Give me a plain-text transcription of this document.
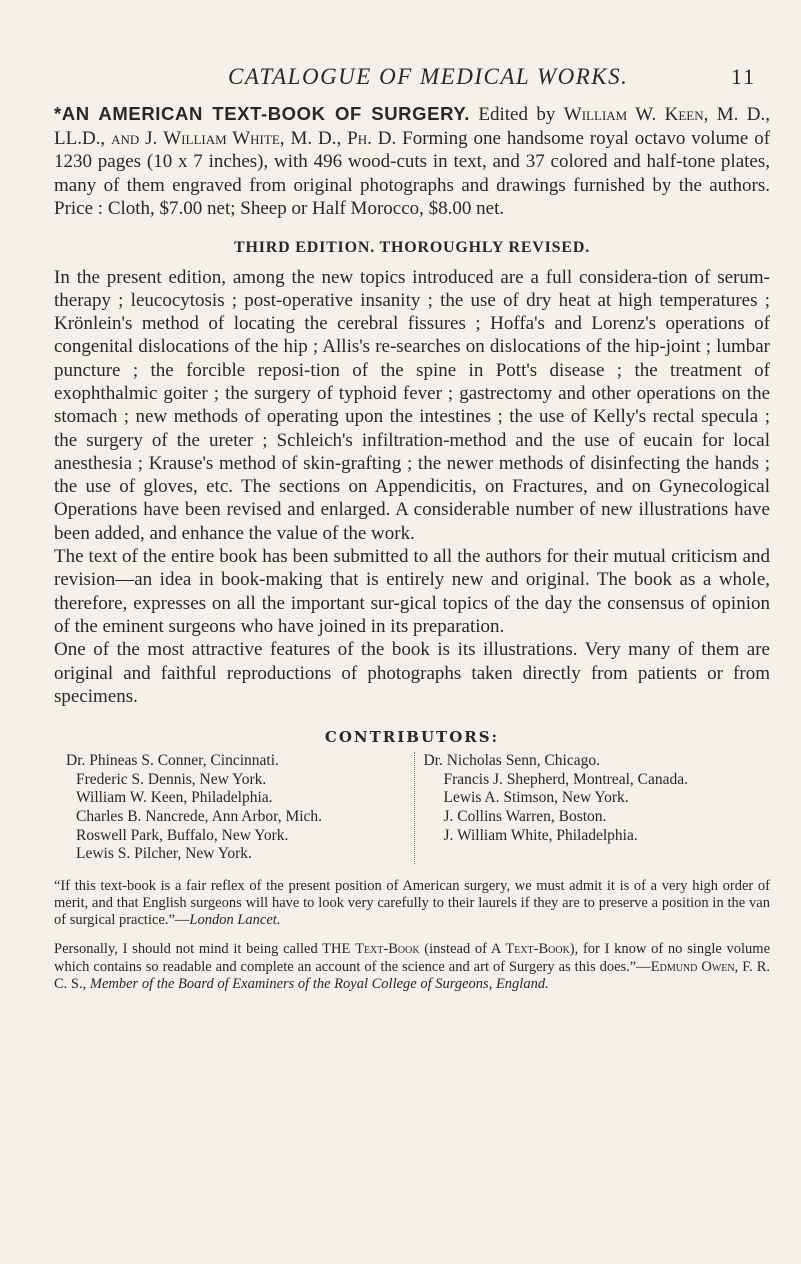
CATALOGUE OF MEDICAL WORKS.	11

*AN AMERICAN TEXT-BOOK OF SURGERY. Edited by William W. Keen, M. D., LL.D., and J. William White, M. D., Ph. D. Forming one handsome royal octavo volume of 1230 pages (10 x 7 inches), with 496 wood-cuts in text, and 37 colored and half-tone plates, many of them engraved from original photographs and drawings furnished by the authors. Price : Cloth, $7.00 net; Sheep or Half Morocco, $8.00 net.

THIRD EDITION. THOROUGHLY REVISED.

In the present edition, among the new topics introduced are a full considera-tion of serum-therapy ; leucocytosis ; post-operative insanity ; the use of dry heat at high temperatures ; Krönlein's method of locating the cerebral fissures ; Hoffa's and Lorenz's operations of congenital dislocations of the hip ; Allis's re-searches on dislocations of the hip-joint ; lumbar puncture ; the forcible reposi-tion of the spine in Pott's disease ; the treatment of exophthalmic goiter ; the surgery of typhoid fever ; gastrectomy and other operations on the stomach ; new methods of operating upon the intestines ; the use of Kelly's rectal specula ; the surgery of the ureter ; Schleich's infiltration-method and the use of eucain for local anesthesia ; Krause's method of skin-grafting ; the newer methods of disinfecting the hands ; the use of gloves, etc. The sections on Appendicitis, on Fractures, and on Gynecological Operations have been revised and enlarged. A considerable number of new illustrations have been added, and enhance the value of the work.

The text of the entire book has been submitted to all the authors for their mutual criticism and revision—an idea in book-making that is entirely new and original. The book as a whole, therefore, expresses on all the important sur-gical topics of the day the consensus of opinion of the eminent surgeons who have joined in its preparation.

One of the most attractive features of the book is its illustrations. Very many of them are original and faithful reproductions of photographs taken directly from patients or from specimens.

CONTRIBUTORS:
Dr. Phineas S. Conner, Cincinnati.
Frederic S. Dennis, New York.
William W. Keen, Philadelphia.
Charles B. Nancrede, Ann Arbor, Mich.
Roswell Park, Buffalo, New York.
Lewis S. Pilcher, New York.
Dr. Nicholas Senn, Chicago.
Francis J. Shepherd, Montreal, Canada.
Lewis A. Stimson, New York.
J. Collins Warren, Boston.
J. William White, Philadelphia.

“If this text-book is a fair reflex of the present position of American surgery, we must admit it is of a very high order of merit, and that English surgeons will have to look very carefully to their laurels if they are to preserve a position in the van of surgical practice.”—London Lancet.

Personally, I should not mind it being called THE Text-Book (instead of A Text-Book), for I know of no single volume which contains so readable and complete an account of the science and art of Surgery as this does.”—Edmund Owen, F. R. C. S., Member of the Board of Examiners of the Royal College of Surgeons, England.
